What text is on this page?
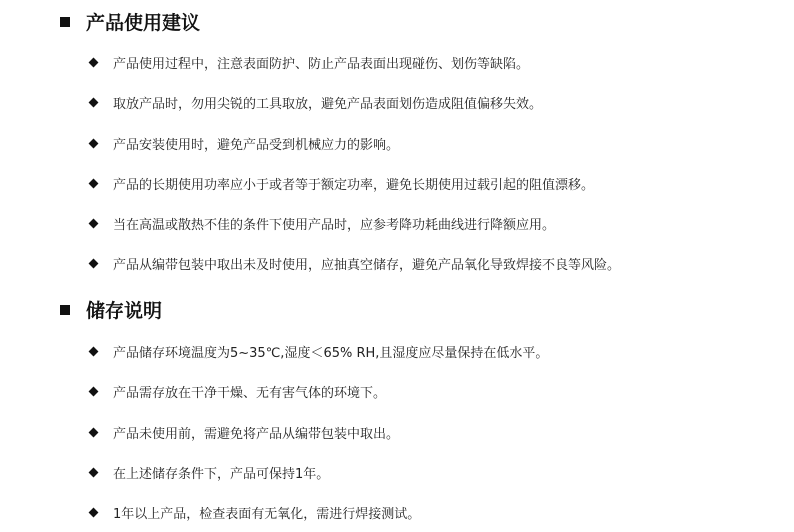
产品使用建议
产品使用过程中，注意表面防护、防止产品表面出现碰伤、划伤等缺陷。
取放产品时，勿用尖锐的工具取放，避免产品表面划伤造成阻值偏移失效。
产品安装使用时，避免产品受到机械应力的影响。
产品的长期使用功率应小于或者等于额定功率，避免长期使用过载引起的阻值漂移。
当在高温或散热不佳的条件下使用产品时，应参考降功耗曲线进行降额应用。
产品从编带包装中取出未及时使用，应抽真空储存，避免产品氧化导致焊接不良等风险。
储存说明
产品储存环境温度为5~35℃,湿度＜65% RH,且湿度应尽量保持在低水平。
产品需存放在干净干燥、无有害气体的环境下。
产品未使用前，需避免将产品从编带包装中取出。
在上述储存条件下，产品可保持1年。
1年以上产品，检查表面有无氧化，需进行焊接测试。
